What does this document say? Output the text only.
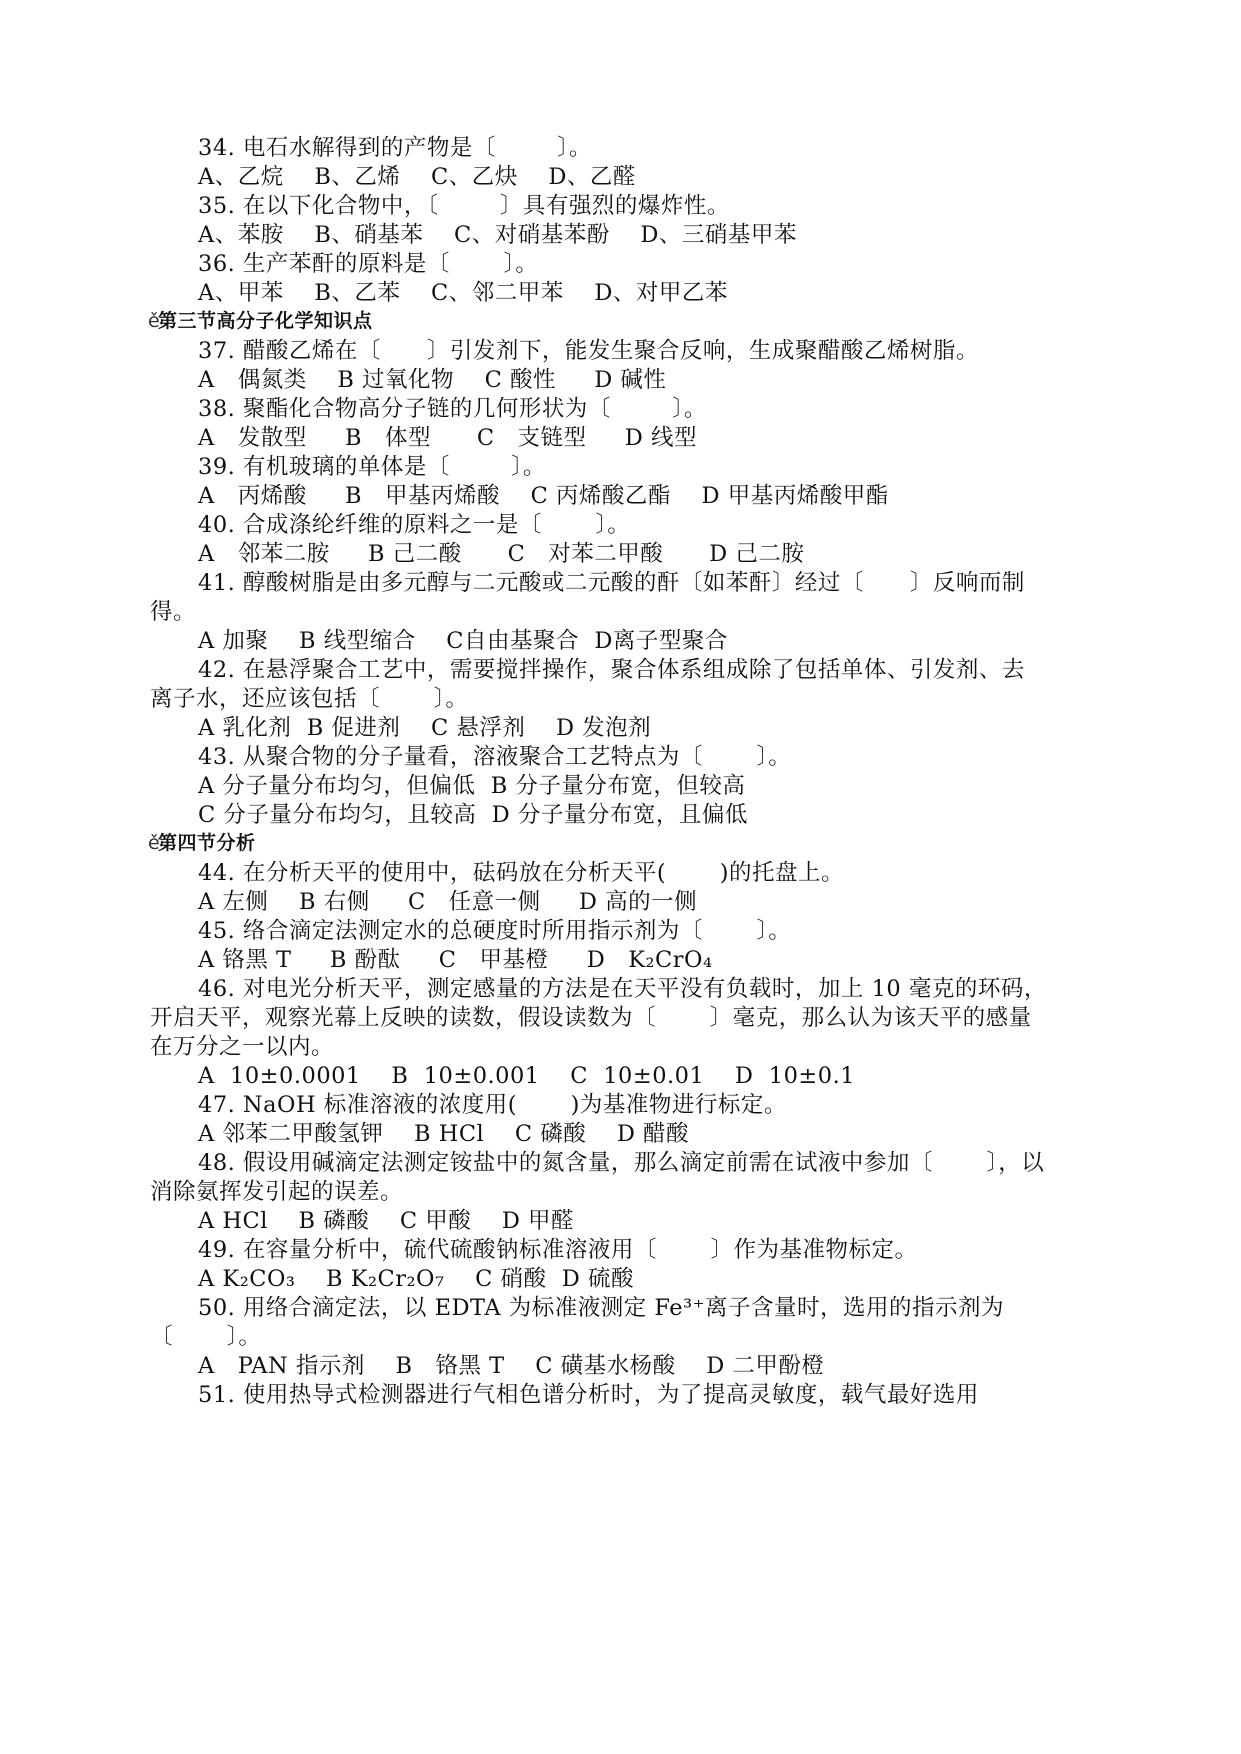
34. 电石水解得到的产物是〔        〕。
A、乙烷    B、乙烯    C、乙炔    D、乙醛
35. 在以下化合物中，〔        〕具有强烈的爆炸性。
A、苯胺    B、硝基苯    C、对硝基苯酚    D、三硝基甲苯
36. 生产苯酐的原料是〔       〕。
A、甲苯    B、乙苯    C、邻二甲苯    D、对甲乙苯
ě第三节高分子化学知识点
37. 醋酸乙烯在〔      〕引发剂下，能发生聚合反响，生成聚醋酸乙烯树脂。
A   偶氮类    B 过氧化物    C 酸性     D 碱性
38. 聚酯化合物高分子链的几何形状为〔        〕。
A   发散型     B   体型      C   支链型     D 线型
39. 有机玻璃的单体是〔        〕。
A   丙烯酸     B   甲基丙烯酸    C 丙烯酸乙酯    D 甲基丙烯酸甲酯
40. 合成涤纶纤维的原料之一是〔       〕。
A   邻苯二胺     B 己二酸      C   对苯二甲酸      D 己二胺
41. 醇酸树脂是由多元醇与二元酸或二元酸的酐〔如苯酐〕经过〔      〕反响而制
得。
A 加聚    B 线型缩合    C自由基聚合  D离子型聚合
42. 在悬浮聚合工艺中，需要搅拌操作，聚合体系组成除了包括单体、引发剂、去
离子水，还应该包括〔       〕。
A 乳化剂  B 促进剂    C 悬浮剂    D 发泡剂
43. 从聚合物的分子量看，溶液聚合工艺特点为〔       〕。
A 分子量分布均匀，但偏低  B 分子量分布宽，但较高
C 分子量分布均匀，且较高  D 分子量分布宽，且偏低
ě第四节分析
44. 在分析天平的使用中，砝码放在分析天平(       )的托盘上。
A 左侧    B 右侧     C   任意一侧     D 高的一侧
45. 络合滴定法测定水的总硬度时所用指示剂为〔       〕。
A 铬黑 T     B 酚酞     C   甲基橙     D   K₂CrO₄
46. 对电光分析天平，测定感量的方法是在天平没有负载时，加上 10 毫克的环码，
开启天平，观察光幕上反映的读数，假设读数为〔       〕毫克，那么认为该天平的感量
在万分之一以内。
A  10±0.0001    B  10±0.001    C  10±0.01    D  10±0.1
47. NaOH 标准溶液的浓度用(       )为基准物进行标定。
A 邻苯二甲酸氢钾    B HCl    C 磷酸    D 醋酸
48. 假设用碱滴定法测定铵盐中的氮含量，那么滴定前需在试液中参加〔       〕，以
消除氨挥发引起的误差。
A HCl    B 磷酸    C 甲酸    D 甲醛
49. 在容量分析中，硫代硫酸钠标准溶液用〔       〕作为基准物标定。
A K₂CO₃    B K₂Cr₂O₇    C 硝酸  D 硫酸
50. 用络合滴定法，以 EDTA 为标准液测定 Fe³⁺离子含量时，选用的指示剂为
〔       〕。
A   PAN 指示剂    B   铬黑 T    C 磺基水杨酸    D 二甲酚橙
51. 使用热导式检测器进行气相色谱分析时，为了提高灵敏度，载气最好选用
